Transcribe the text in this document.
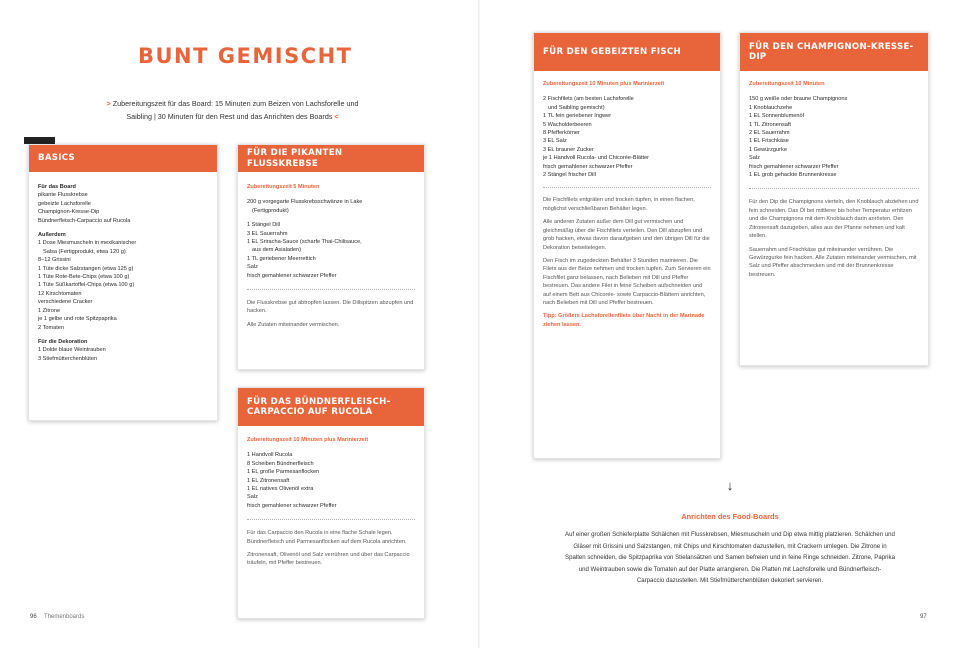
BUNT GEMISCHT
> Zubereitungszeit für das Board: 15 Minuten zum Beizen von Lachsforelle und Saibling | 30 Minuten für den Rest und das Anrichten des Boards <
BASICS
Für das Board
pikante Flusskrebse
gebeizte Lachsforelle
Champignon-Kresse-Dip
Bündnerfleisch-Carpaccio auf Rucola
Außerdem
1 Dose Miesmuscheln in mexikanischer
Salsa (Fertigprodukt, etwa 120 g)
8–12 Grissini
1 Tüte dicke Salzstangen (etwa 125 g)
1 Tüte Rote-Bete-Chips (etwa 100 g)
1 Tüte Süßkartoffel-Chips (etwa 100 g)
12 Kirschtomaten
verschiedene Cracker
1 Zitrone
je 1 gelbe und rote Spitzpaprika
2 Tomaten
Für die Dekoration
1 Dolde blaue Weintrauben
3 Stiefmütterchenblüten
FÜR DIE PIKANTEN FLUSSKREBSE
Zubereitungszeit 5 Minuten
200 g vorgegarte Flusskrebsschwänze in Lake
(Fertigprodukt)
1 Stängel Dill
3 EL Sauerrahm
1 EL Sriracha-Sauce (scharfe Thai-Chilisauce,
aus dem Asialaden)
1 TL geriebener Meerrettich
Salz
frisch gemahlener schwarzer Pfeffer
Die Flusskrebse gut abtropfen lassen. Die Dillspitzen abzupfen und hacken.
Alle Zutaten miteinander vermischen.
FÜR DAS BÜNDNERFLEISCH-CARPACCIO AUF RUCOLA
Zubereitungszeit 10 Minuten plus Marinierzeit
1 Handvoll Rucola
8 Scheiben Bündnerfleisch
1 EL große Parmesanflocken
1 EL Zitronensaft
1 EL natives Olivenöl extra
Salz
frisch gemahlener schwarzer Pfeffer
Für das Carpaccio den Rucola in eine flache Schale legen. Bündnerfleisch und Parmesanflocken auf dem Rucola anrichten.
Zitronensaft, Olivenöl und Salz verrühren und über das Carpaccio träufeln, mit Pfeffer bestreuen.
96 Themenboards
FÜR DEN GEBEIZTEN FISCH
Zubereitungszeit 10 Minuten plus Marinierzeit
2 Fischfilets (am besten Lachsforelle
und Saibling gemischt)
1 TL fein geriebener Ingwer
5 Wacholderbeeren
8 Pfefferkörner
3 EL Salz
3 EL brauner Zucker
je 1 Handvoll Rucola- und Chicorée-Blätter
frisch gemahlener schwarzer Pfeffer
2 Stängel frischer Dill
Die Fischfilets entgräten und trocken tupfen, in einen flachen, möglichst verschließbaren Behälter legen.
Alle anderen Zutaten außer dem Dill gut vermischen und gleichmäßig über die Fischfilets verteilen. Den Dill abzupfen und grob hacken, etwas davon daraufgeben und den übrigen Dill für die Dekoration beiseitelegen.
Den Fisch im zugedeckten Behälter 3 Stunden marinieren. Die Filets aus der Beize nehmen und trocken tupfen. Zum Servieren ein Fischfilet ganz belassen, nach Belieben mit Dill und Pfeffer bestreuen. Das andere Filet in feine Scheiben aufschneiden und auf einem Bett aus Chicorée- sowie Carpaccio-Blättern anrichten, nach Belieben mit Dill und Pfeffer bestreuen.
Tipp: Größere Lachsforellenfilets über Nacht in der Marinade ziehen lassen.
FÜR DEN CHAMPIGNON-KRESSE-DIP
Zubereitungszeit 10 Minuten
150 g weiße oder braune Champignons
1 Knoblauchzehe
1 EL Sonnenblumenöl
1 TL Zitronensaft
2 EL Sauerrahm
1 EL Frischkäse
1 Gewürzgurke
Salz
frisch gemahlener schwarzer Pfeffer
1 EL grob gehackte Brunnenkresse
Für den Dip die Champignons vierteln, den Knoblauch abziehen und fein schneiden. Das Öl bei mittlerer bis hoher Temperatur erhitzen und die Champignons mit dem Knoblauch darin anrösten. Den Zitronensaft dazugeben, alles aus der Pfanne nehmen und kalt stellen.
Sauerrahm und Frischkäse gut miteinander verrühren. Die Gewürzgurke fein hacken. Alle Zutaten miteinander vermischen, mit Salz und Pfeffer abschmecken und mit der Brunnenkresse bestreuen.
↓
Anrichten des Food-Boards
Auf einer großen Schieferplatte Schälchen mit Flusskrebsen, Miesmuscheln und Dip etwa mittig platzieren. Schälchen und Gläser mit Grissini und Salzstangen, mit Chips und Kirschtomaten dazustellen, mit Crackern umlegen. Die Zitrone in Spalten schneiden, die Spitzpaprika von Stielansätzen und Samen befreien und in feine Ringe schneiden. Zitrone, Paprika und Weintrauben sowie die Tomaten auf der Platte arrangieren. Die Platten mit Lachsforelle und Bündnerfleisch-Carpaccio dazustellen. Mit Stiefmütterchenblüten dekoriert servieren.
97
